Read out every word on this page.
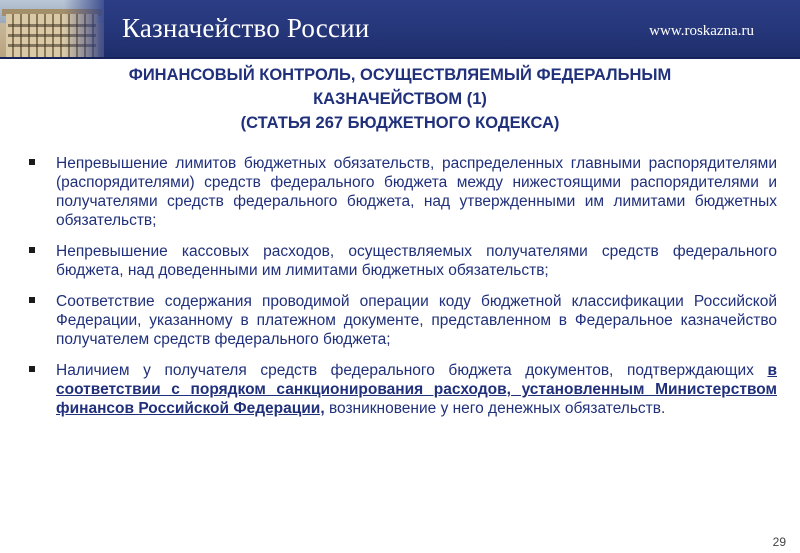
Казначейство России	www.roskazna.ru
ФИНАНСОВЫЙ КОНТРОЛЬ, ОСУЩЕСТВЛЯЕМЫЙ ФЕДЕРАЛЬНЫМ
КАЗНАЧЕЙСТВОМ (1)
(СТАТЬЯ 267 БЮДЖЕТНОГО КОДЕКСА)
Непревышение лимитов бюджетных обязательств, распределенных главными распорядителями (распорядителями) средств федерального бюджета между нижестоящими распорядителями и получателями средств федерального бюджета, над утвержденными им лимитами бюджетных обязательств;
Непревышение кассовых расходов, осуществляемых получателями средств федерального бюджета, над доведенными им лимитами бюджетных обязательств;
Соответствие содержания проводимой операции коду бюджетной классификации Российской Федерации, указанному в платежном документе, представленном в Федеральное казначейство получателем средств федерального бюджета;
Наличием у получателя средств федерального бюджета документов, подтверждающих в соответствии с порядком санкционирования расходов, установленным Министерством финансов Российской Федерации, возникновение у него денежных обязательств.
29
